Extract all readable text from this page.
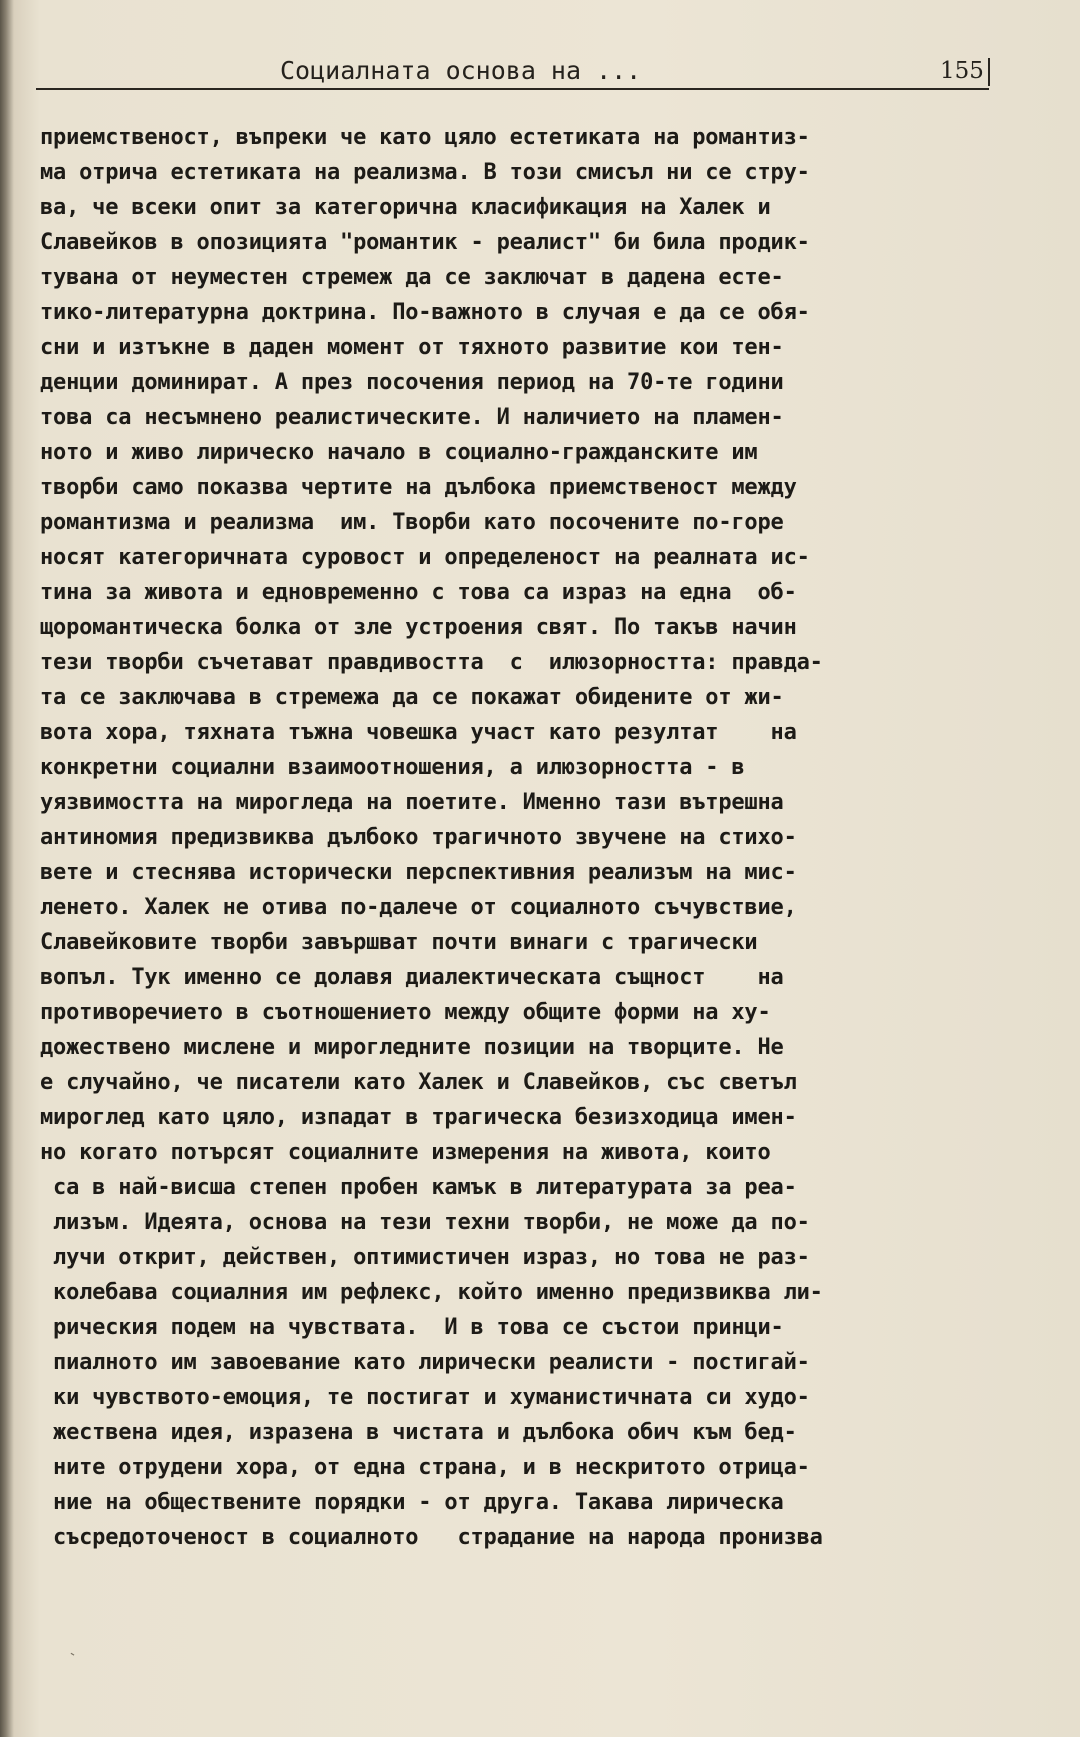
Социалната основа на ...	155
приемственост, въпреки че като цяло естетиката на романтиз-
ма отрича естетиката на реализма. В този смисъл ни се стру-
ва, че всеки опит за категорична класификация на Халек и
Славейков в опозицията "романтик - реалист" би била продик-
тувана от неуместен стремеж да се заключат в дадена есте-
тико-литературна доктрина. По-важното в случая е да се обя-
сни и изтъкне в даден момент от тяхното развитие кои тен-
денции доминират. А през посочения период на 70-те години
това са несъмнено реалистическите. И наличието на пламен-
ното и живо лирическо начало в социално-гражданските им
творби само показва чертите на дълбока приемственост между
романтизма и реализма  им. Творби като посочените по-горе
носят категоричната суровост и определеност на реалната ис-
тина за живота и едновременно с това са израз на една  об-
щоромантическа болка от зле устроения свят. По такъв начин
тези творби съчетават правдивостта  с  илюзорността: правда-
та се заключава в стремежа да се покажат обидените от жи-
вота хора, тяхната тъжна човешка участ като резултат    на
конкретни социални взаимоотношения, а илюзорността - в
уязвимостта на мирогледа на поетите. Именно тази вътрешна
антиномия предизвиква дълбоко трагичното звучене на стихо-
вете и стеснява исторически перспективния реализъм на мис-
ленето. Халек не отива по-далече от социалното съчувствие,
Славейковите творби завършват почти винаги с трагически
вопъл. Тук именно се долавя диалектическата същност    на
противоречието в съотношението между общите форми на ху-
дожествено мислене и мирогледните позиции на творците. Не
е случайно, че писатели като Халек и Славейков, със светъл
мироглед като цяло, изпадат в трагическа безизходица имен-
но когато потърсят социалните измерения на живота, които
са в най-висша степен пробен камък в литературата за реа-
лизъм. Идеята, основа на тези техни творби, не може да по-
лучи открит, действен, оптимистичен израз, но това не раз-
колебава социалния им рефлекс, който именно предизвиква ли-
рическия подем на чувствата.  И в това се състои принци-
пиалното им завоевание като лирически реалисти - постигай-
ки чувството-емоция, те постигат и хуманистичната си худо-
жествена идея, изразена в чистата и дълбока обич към бед-
ните отрудени хора, от една страна, и в нескритото отрица-
ние на обществените порядки - от друга. Такава лирическа
съсредоточеност в социалното   страдание на народа пронизва
‐
